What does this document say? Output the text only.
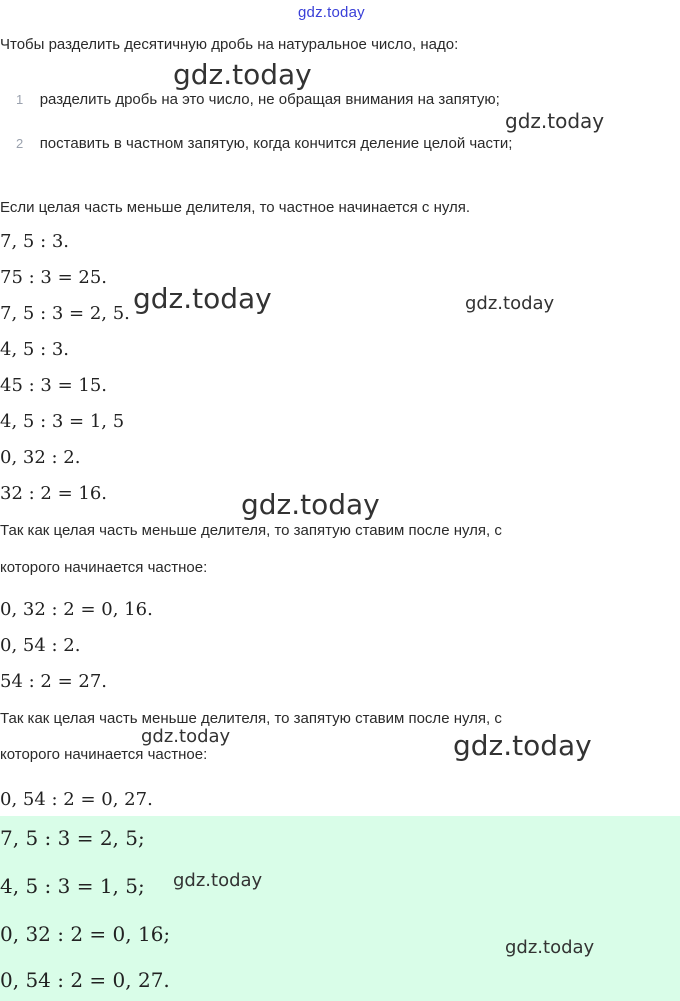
gdz.today
Чтобы разделить десятичную дробь на натуральное число, надо:
gdz.today
1 разделить дробь на это число, не обращая внимания на запятую;
gdz.today
2 поставить в частном запятую, когда кончится деление целой части;
Если целая часть меньше делителя, то частное начинается с нуля.
7, 5 : 3.
75 : 3 = 25.
7, 5 : 3 = 2, 5. gdz.today	gdz.today
4, 5 : 3.
45 : 3 = 15.
4, 5 : 3 = 1, 5
0, 32 : 2.
32 : 2 = 16.	gdz.today
Так как целая часть меньше делителя, то запятую ставим после нуля, с
которого начинается частное:
0, 32 : 2 = 0, 16.
0, 54 : 2.
54 : 2 = 27.
Так как целая часть меньше делителя, то запятую ставим после нуля, с
gdz.today
которого начинается частное:	gdz.today
0, 54 : 2 = 0, 27.
7, 5 : 3 = 2, 5;
4, 5 : 3 = 1, 5; gdz.today
0, 32 : 2 = 0, 16;
gdz.today
0, 54 : 2 = 0, 27.
